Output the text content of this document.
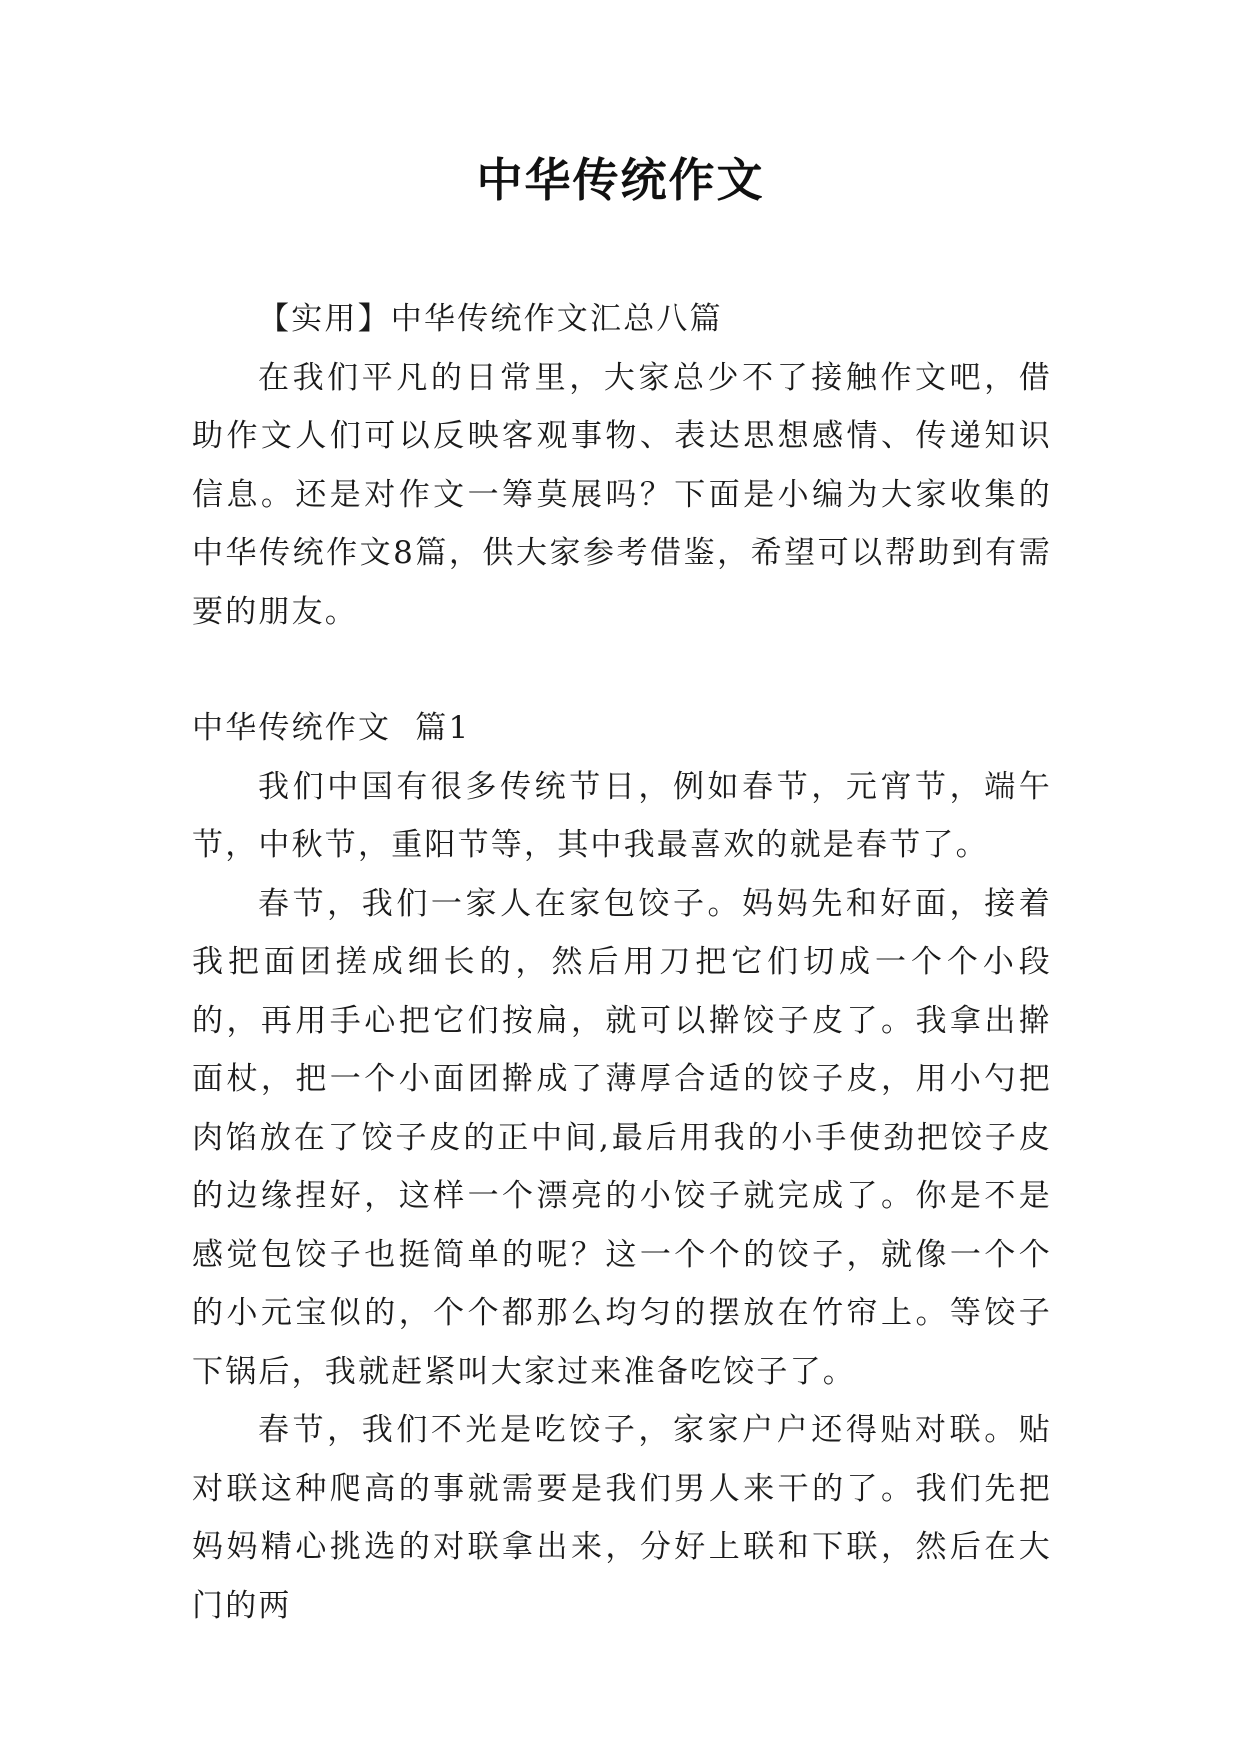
中华传统作文

【实用】中华传统作文汇总八篇

在我们平凡的日常里，大家总少不了接触作文吧，借助作文人们可以反映客观事物、表达思想感情、传递知识信息。还是对作文一筹莫展吗？下面是小编为大家收集的中华传统作文8篇，供大家参考借鉴，希望可以帮助到有需要的朋友。

中华传统作文  篇1

我们中国有很多传统节日，例如春节，元宵节，端午节，中秋节，重阳节等，其中我最喜欢的就是春节了。

春节，我们一家人在家包饺子。妈妈先和好面，接着我把面团搓成细长的，然后用刀把它们切成一个个小段的，再用手心把它们按扁，就可以擀饺子皮了。我拿出擀面杖，把一个小面团擀成了薄厚合适的饺子皮，用小勺把肉馅放在了饺子皮的正中间,最后用我的小手使劲把饺子皮的边缘捏好，这样一个漂亮的小饺子就完成了。你是不是感觉包饺子也挺简单的呢？这一个个的饺子，就像一个个的小元宝似的，个个都那么均匀的摆放在竹帘上。等饺子下锅后，我就赶紧叫大家过来准备吃饺子了。

春节，我们不光是吃饺子，家家户户还得贴对联。贴对联这种爬高的事就需要是我们男人来干的了。我们先把妈妈精心挑选的对联拿出来，分好上联和下联，然后在大门的两
